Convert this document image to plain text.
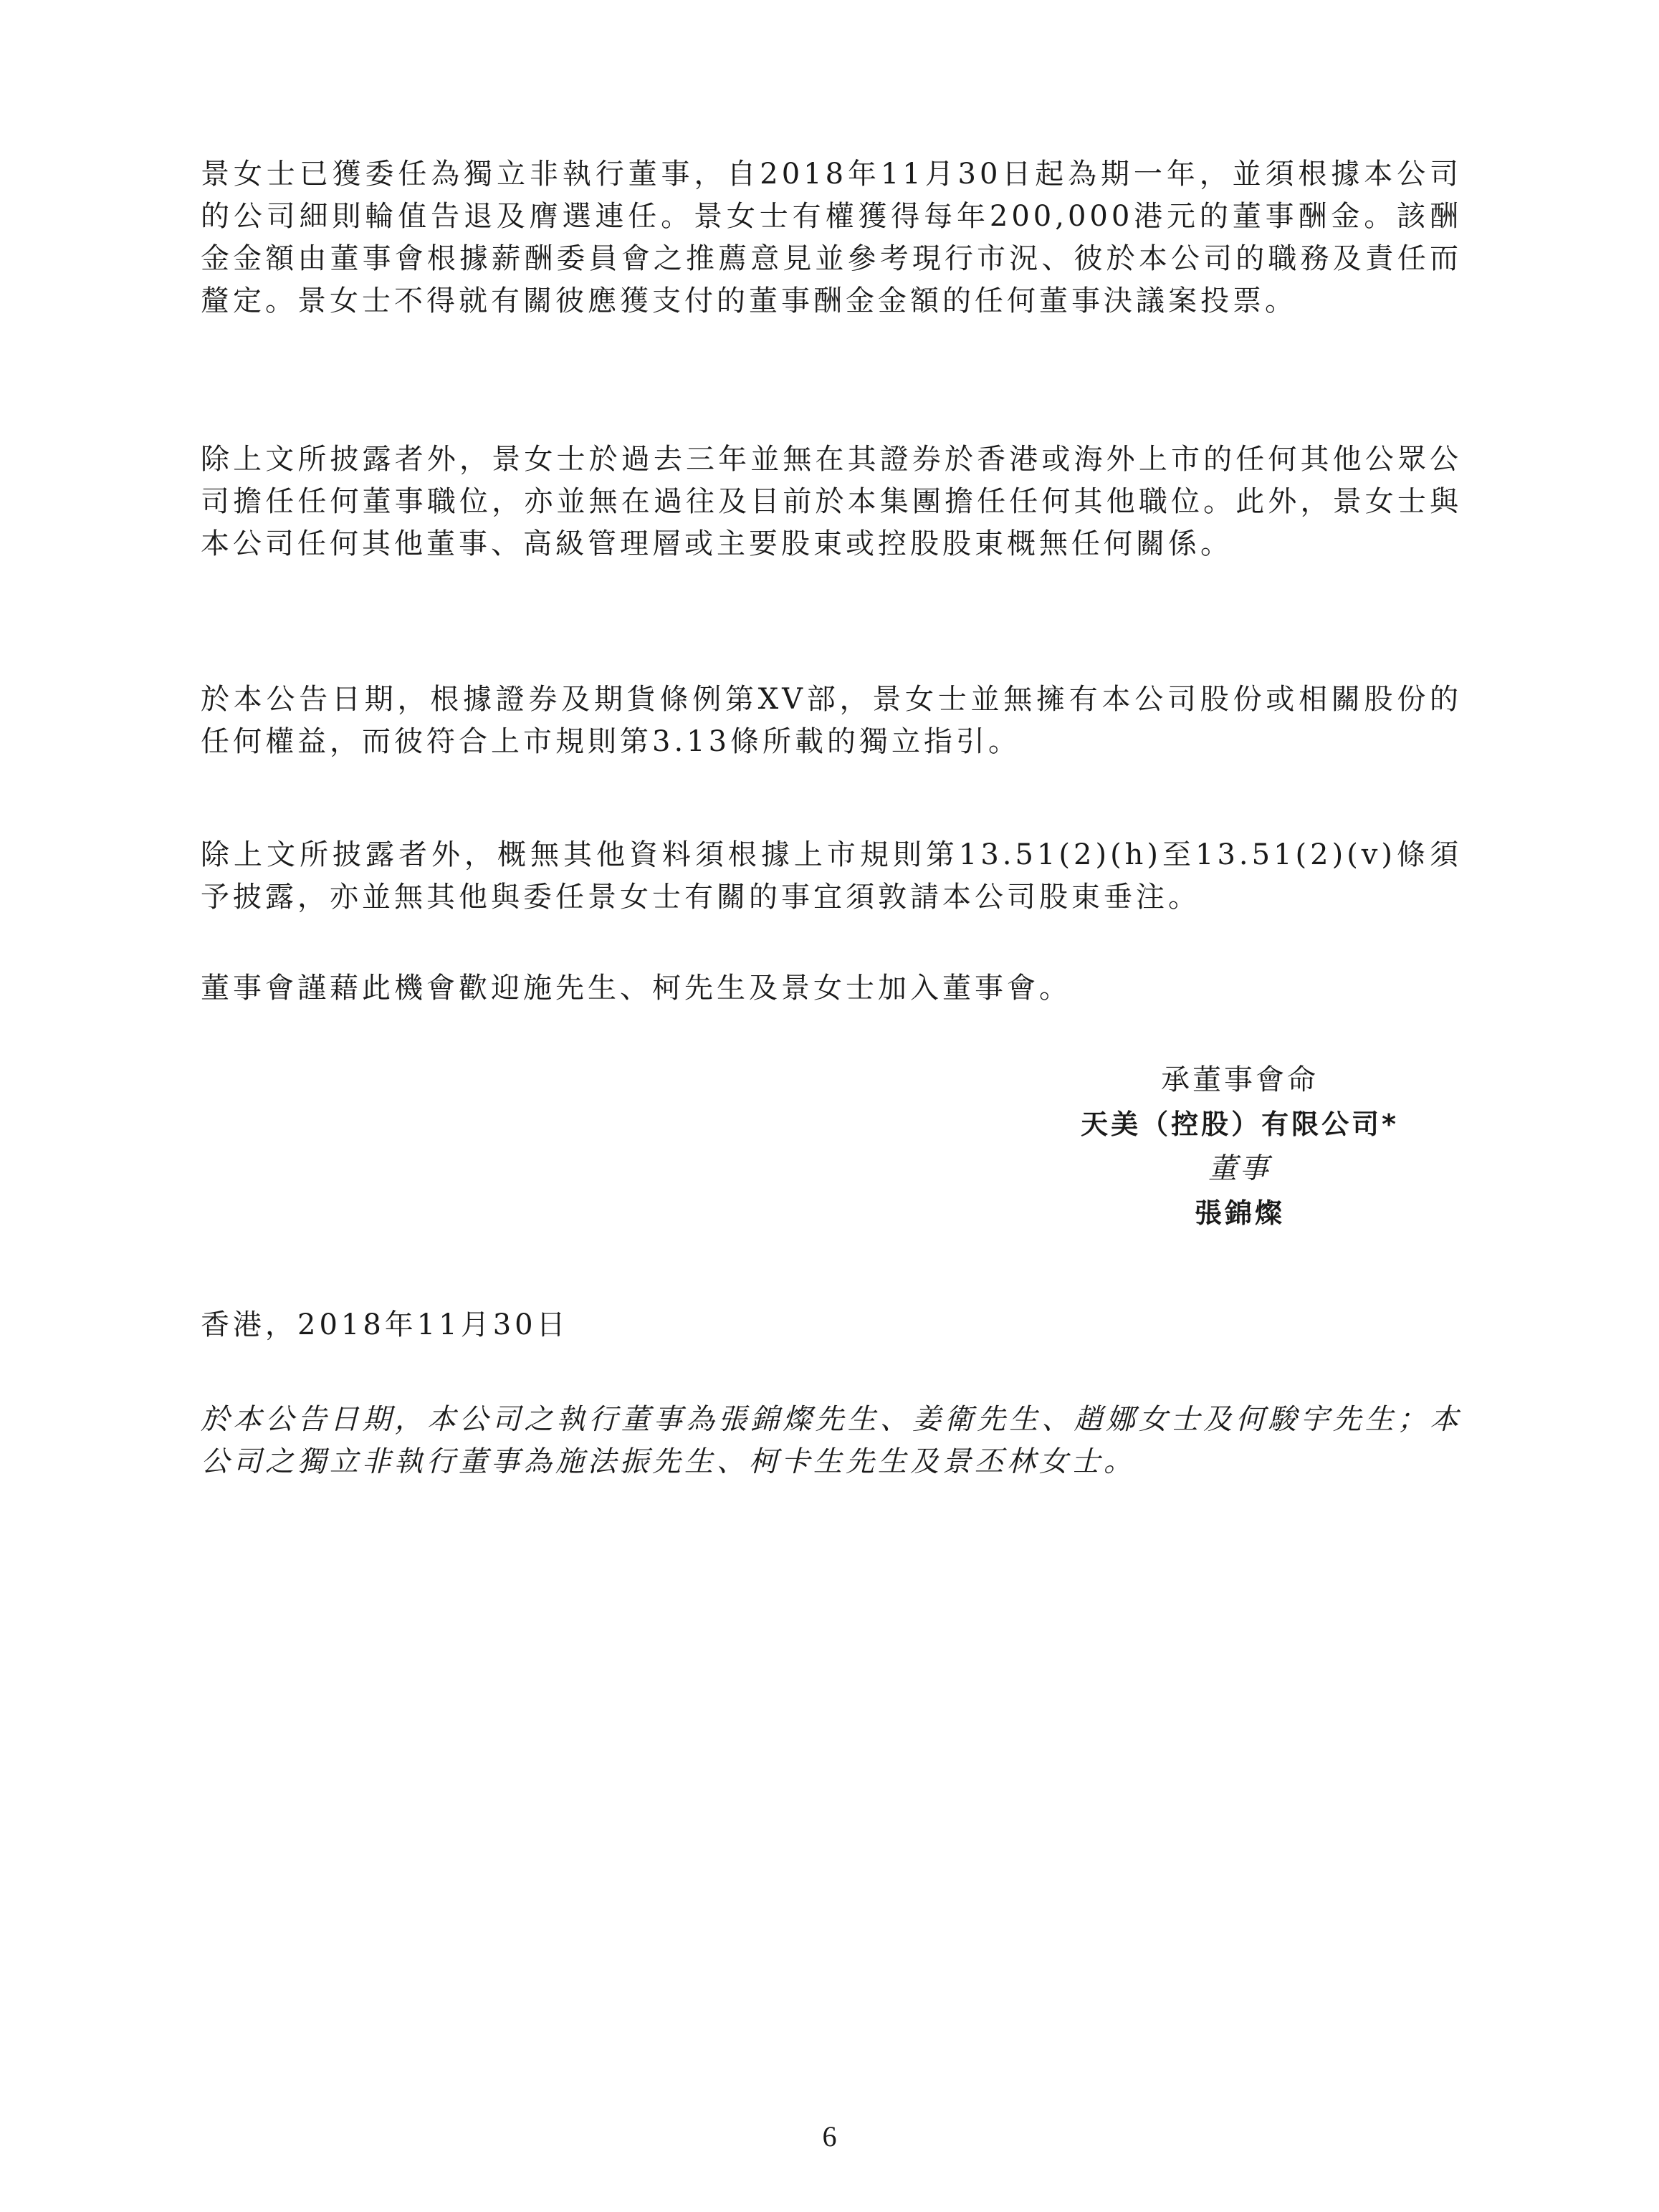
景女士已獲委任為獨立非執行董事，自2018年11月30日起為期一年，並須根據本公司的公司細則輪值告退及膺選連任。景女士有權獲得每年200,000港元的董事酬金。該酬金金額由董事會根據薪酬委員會之推薦意見並參考現行市況、彼於本公司的職務及責任而釐定。景女士不得就有關彼應獲支付的董事酬金金額的任何董事決議案投票。

除上文所披露者外，景女士於過去三年並無在其證券於香港或海外上市的任何其他公眾公司擔任任何董事職位，亦並無在過往及目前於本集團擔任任何其他職位。此外，景女士與本公司任何其他董事、高級管理層或主要股東或控股股東概無任何關係。

於本公告日期，根據證券及期貨條例第XV部，景女士並無擁有本公司股份或相關股份的任何權益，而彼符合上市規則第3.13條所載的獨立指引。

除上文所披露者外，概無其他資料須根據上市規則第13.51(2)(h)至13.51(2)(v)條須予披露，亦並無其他與委任景女士有關的事宜須敦請本公司股東垂注。

董事會謹藉此機會歡迎施先生、柯先生及景女士加入董事會。

承董事會命
天美（控股）有限公司*
董事
張錦燦

香港，2018年11月30日

於本公告日期，本公司之執行董事為張錦燦先生、姜衛先生、趙娜女士及何駿宇先生；本公司之獨立非執行董事為施法振先生、柯卡生先生及景丕林女士。

6
